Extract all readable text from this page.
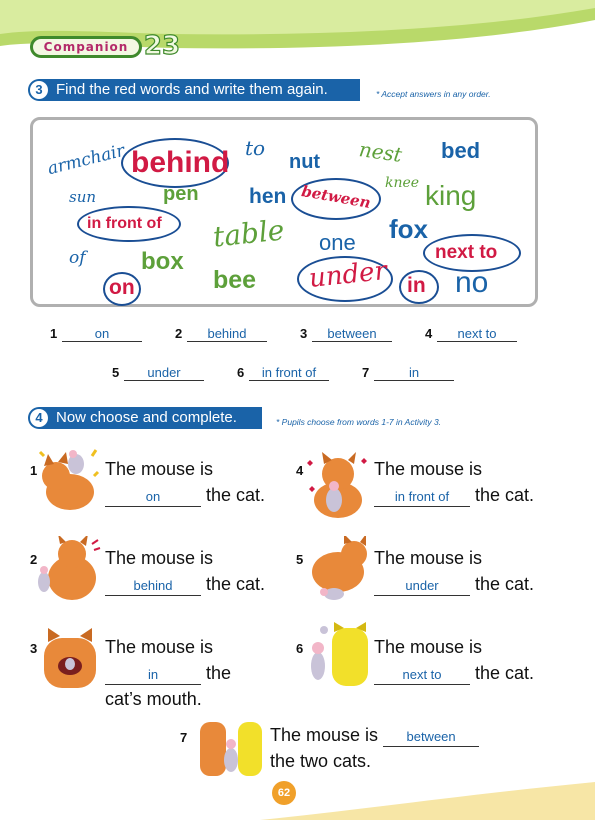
Companion 23
3 Find the red words and write them again.	* Accept answers in any order.
armchair behind to
nut nest bed
sun	pen hen between knee king
in front of table one fox
next to
of box
on	bee under in no
1	on	2	behind	3	between	4	next to
5	under	6	in front of	7	in
4 Now choose and complete.	* Pupils choose from words 1-7 in Activity 3.
1	The mouse is
on	the cat.
4	The mouse is
in front of the cat.
2	The mouse is
behind the cat.
5	The mouse is
under the cat.
3	The mouse is
in	the
cat’s mouth.
6	The mouse is
next to the cat.
7	The mouse is between
the two cats.
62
